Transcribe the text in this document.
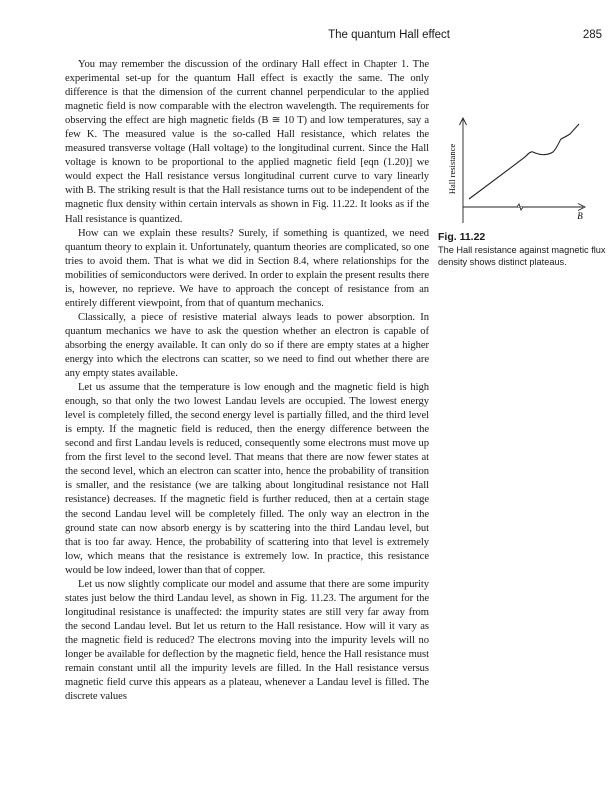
The quantum Hall effect	285

You may remember the discussion of the ordinary Hall effect in Chapter 1. The experimental set-up for the quantum Hall effect is exactly the same. The only difference is that the dimension of the current channel perpendicular to the applied magnetic field is now comparable with the electron wavelength. The requirements for observing the effect are high magnetic fields (B ≅ 10 T) and low temperatures, say a few K. The measured value is the so-called Hall resistance, which relates the measured transverse voltage (Hall voltage) to the longitudinal current. Since the Hall voltage is known to be proportional to the applied magnetic field [eqn (1.20)] we would expect the Hall resistance versus longitudinal current curve to vary linearly with B. The striking result is that the Hall resistance turns out to be independent of the magnetic flux density within certain intervals as shown in Fig. 11.22. It looks as if the Hall resistance is quantized.

How can we explain these results? Surely, if something is quantized, we need quantum theory to explain it. Unfortunately, quantum theories are complicated, so one tries to avoid them. That is what we did in Section 8.4, where relationships for the mobilities of semiconductors were derived. In order to explain the present results there is, however, no reprieve. We have to approach the concept of resistance from an entirely different viewpoint, from that of quantum mechanics.

Classically, a piece of resistive material always leads to power absorption. In quantum mechanics we have to ask the question whether an electron is capable of absorbing the energy available. It can only do so if there are empty states at a higher energy into which the electrons can scatter, so we need to find out whether there are any empty states available.

Let us assume that the temperature is low enough and the magnetic field is high enough, so that only the two lowest Landau levels are occupied. The lowest energy level is completely filled, the second energy level is partially filled, and the third level is empty. If the magnetic field is reduced, then the energy difference between the second and first Landau levels is reduced, consequently some electrons must move up from the first level to the second level. That means that there are now fewer states at the second level, which an electron can scatter into, hence the probability of transition is smaller, and the resistance (we are talking about longitudinal resistance not Hall resistance) decreases. If the magnetic field is further reduced, then at a certain stage the second Landau level will be completely filled. The only way an electron in the ground state can now absorb energy is by scattering into the third Landau level, but that is too far away. Hence, the probability of scattering into that level is extremely low, which means that the resistance is extremely low. In practice, this resistance would be low indeed, lower than that of copper.

Let us now slightly complicate our model and assume that there are some impurity states just below the third Landau level, as shown in Fig. 11.23. The argument for the longitudinal resistance is unaffected: the impurity states are still very far away from the second Landau level. But let us return to the Hall resistance. How will it vary as the magnetic field is reduced? The electrons moving into the impurity levels will no longer be available for deflection by the magnetic field, hence the Hall resistance must remain constant until all the impurity levels are filled. In the Hall resistance versus magnetic field curve this appears as a plateau, whenever a Landau level is filled. The discrete values

Hall resistance
B
Fig. 11.22
The Hall resistance against magnetic flux density shows distinct plateaus.
